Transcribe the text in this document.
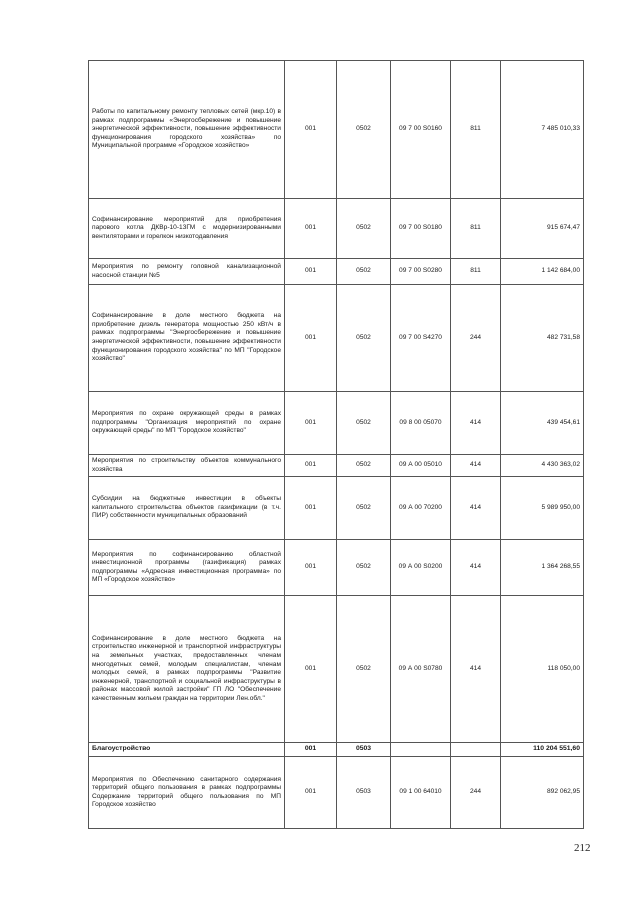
Работы по капитальному ремонту тепловых сетей (мкр.10) в рамках подпрограммы «Энергосбережение и повышение энергетической эффективности, повышение эффективности функционирования городского хозяйства» по Муниципальной программе «Городское хозяйство»	001	0502	09 7 00 S0160	811	7 485 010,33
Софинансирование мероприятий для приобретения парового котла ДКВр-10-13ГМ с модернизированными вентиляторами и горелкон низкотодавления	001	0502	09 7 00 S0180	811	915 674,47
Мероприятия по ремонту головной канализационной насосной станции №5	001	0502	09 7 00 S0280	811	1 142 684,00
Софинансирование в доле местного бюджета на приобретение дизель генератора мощностью 250 кВт/ч в рамках подпрограммы "Энергосбережение и повышение энергетической эффективности, повышение эффективности функционирования городского хозяйства" по МП "Городское хозяйство"	001	0502	09 7 00 S4270	244	482 731,58
Мероприятия по охране окружающей среды в рамках подпрограммы "Организация мероприятий по охране окружающей среды" по МП "Городское хозяйство"	001	0502	09 8 00 05070	414	439 454,61
Мероприятия по строительству объектов коммунального хозяйства	001	0502	09 А 00 05010	414	4 430 363,02
Субсидии на бюджетные инвестиции в объекты капитального строительства объектов газификации (в т.ч. ПИР) собственности муниципальных образований	001	0502	09 А 00 70200	414	5 989 950,00
Мероприятия по софинансированию областной инвестиционной программы (газификация) рамках подпрограммы «Адресная инвестиционная программа» по МП «Городское хозяйство»	001	0502	09 А 00 S0200	414	1 364 268,55
Софинансирование в доле местного бюджета на строительство инженерной и транспортной инфраструктуры на земельных участках, предоставленных членам многодетных семей, молодым специалистам, членам молодых семей, в рамках подпрограммы "Развитие инженерной, транспортной и социальной инфраструктуры в районах массовой жилой застройки" ГП ЛО "Обеспечение качественным жильем граждан на территории Лен.обл."	001	0502	09 А 00 S0780	414	118 050,00
Благоустройство	001	0503			110 204 551,60
Мероприятия по Обеспечению санитарного содержания территорий общего пользования в рамках подпрограммы Содержание территорий общего пользования по МП Городское хозяйство	001	0503	09 1 00 64010	244	892 062,95
212
